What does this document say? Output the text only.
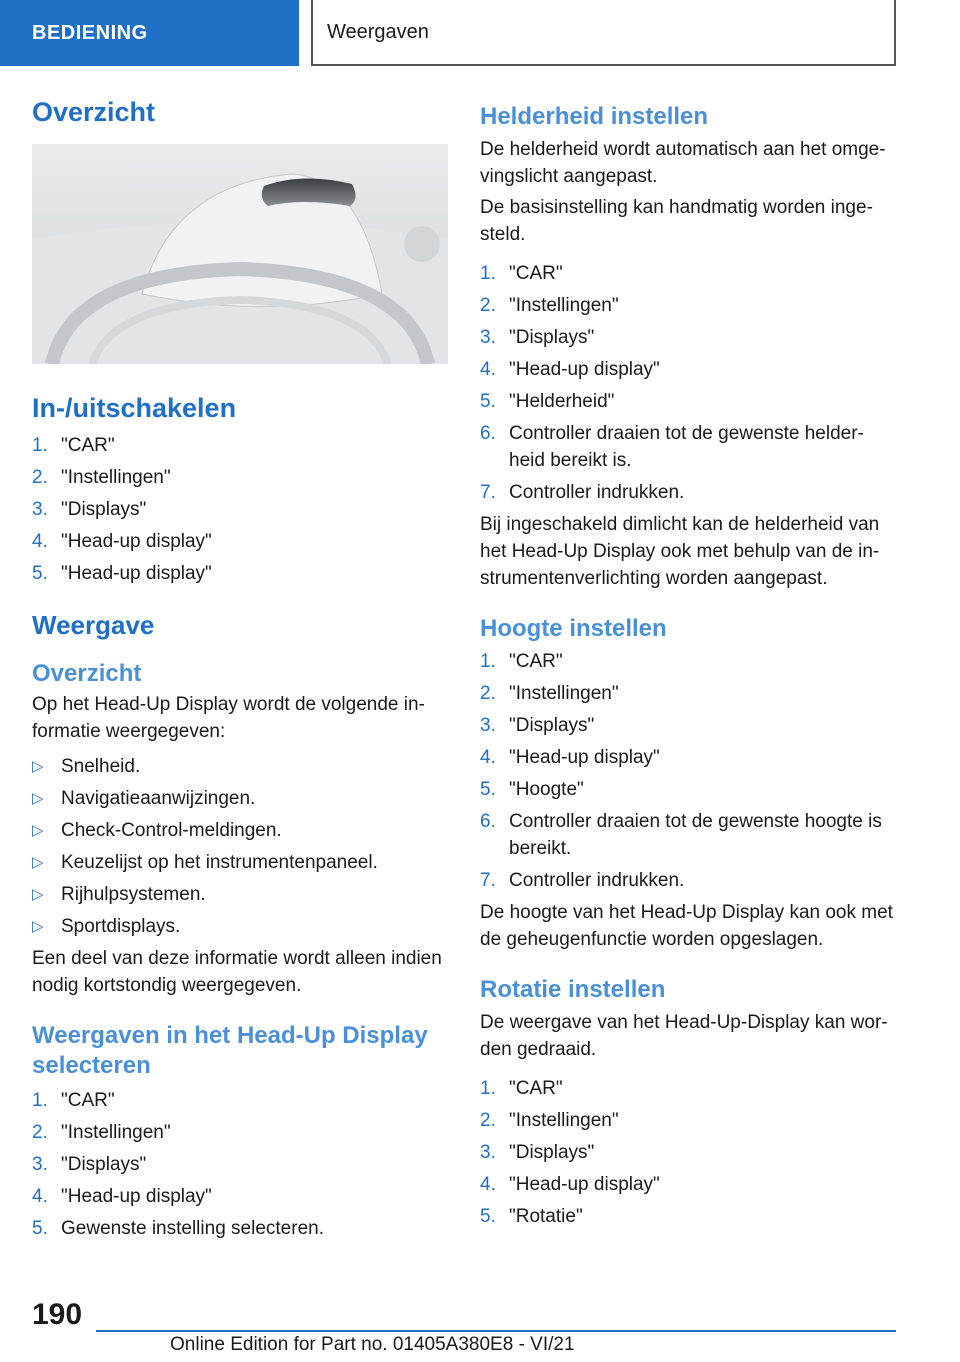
BEDIENING	Weergaven
Overzicht
In-/uitschakelen
1. "CAR"
2. "Instellingen"
3. "Displays"
4. "Head-up display"
5. "Head-up display"
Weergave
Overzicht

Op het Head-Up Display wordt de volgende in-formatie weergegeven:

▷ Snelheid.
▷ Navigatieaanwijzingen.
▷ Check-Control-meldingen.
▷ Keuzelijst op het instrumentenpaneel.
▷ Rijhulpsystemen.
▷ Sportdisplays.

Een deel van deze informatie wordt alleen indien nodig kortstondig weergegeven.

Weergaven in het Head-Up Display selecteren
1. "CAR"
2. "Instellingen"
3. "Displays"
4. "Head-up display"
5. Gewenste instelling selecteren.
Helderheid instellen

De helderheid wordt automatisch aan het omge-vingslicht aangepast.

De basisinstelling kan handmatig worden inge-steld.

1. "CAR"
2. "Instellingen"
3. "Displays"
4. "Head-up display"
5. "Helderheid"
6. Controller draaien tot de gewenste helder-heid bereikt is.
7. Controller indrukken.

Bij ingeschakeld dimlicht kan de helderheid van het Head-Up Display ook met behulp van de in-strumentenverlichting worden aangepast.

Hoogte instellen
1. "CAR"
2. "Instellingen"
3. "Displays"
4. "Head-up display"
5. "Hoogte"
6. Controller draaien tot de gewenste hoogte is bereikt.
7. Controller indrukken.

De hoogte van het Head-Up Display kan ook met de geheugenfunctie worden opgeslagen.

Rotatie instellen

De weergave van het Head-Up-Display kan wor-den gedraaid.

1. "CAR"
2. "Instellingen"
3. "Displays"
4. "Head-up display"
5. "Rotatie"
190
Online Edition for Part no. 01405A380E8 - VI/21
